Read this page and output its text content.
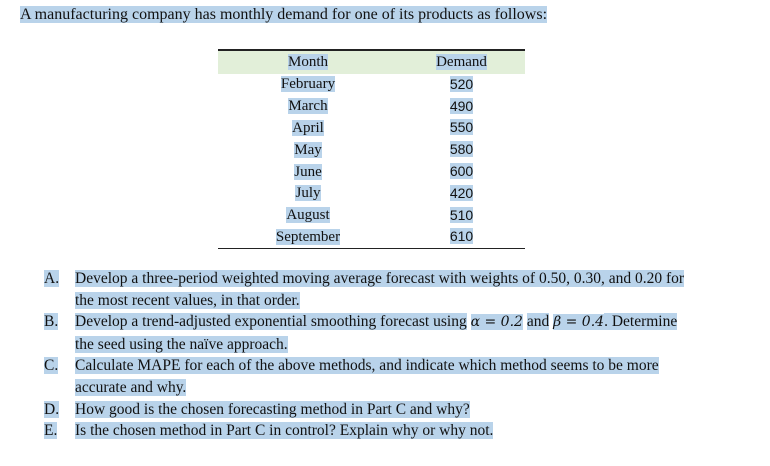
A manufacturing company has monthly demand for one of its products as follows:
Month	Demand
February	520
March	490
April	550
May	580
June	600
July	420
August	510
September	610
A.	Develop a three-period weighted moving average forecast with weights of 0.50, 0.30, and 0.20 for
the most recent values, in that order.
B.	Develop a trend-adjusted exponential smoothing forecast using α = 0.2 and β = 0.4. Determine
the seed using the naïve approach.
C.	Calculate MAPE for each of the above methods, and indicate which method seems to be more
accurate and why.
D.	How good is the chosen forecasting method in Part C and why?
E.	Is the chosen method in Part C in control? Explain why or why not.
